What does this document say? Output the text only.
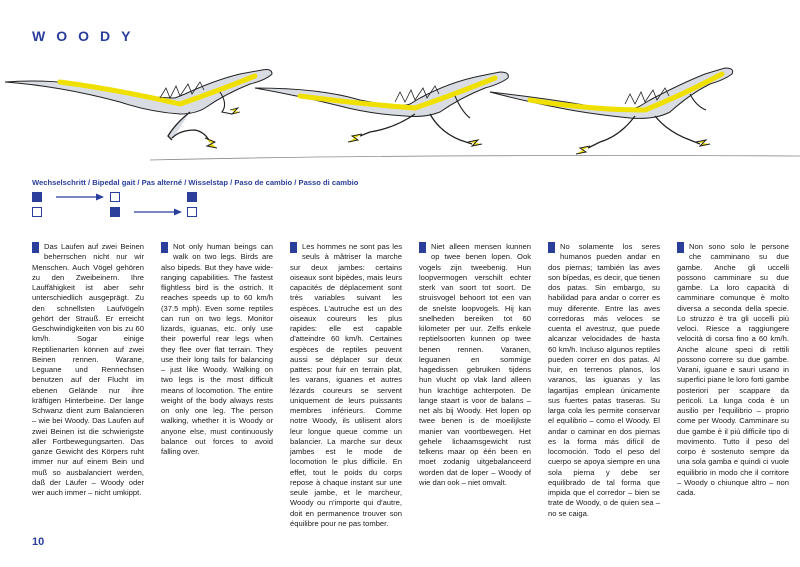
WOODY
Wechselschritt / Bipedal gait / Pas alterné / Wisselstap / Paso de cambio / Passo di cambio
Das Laufen auf zwei Beinen beherrschen nicht nur wir Menschen. Auch Vögel gehören zu den Zweibeinern. Ihre Lauffähigkeit ist aber sehr unterschiedlich ausgeprägt. Zu den schnellsten Laufvögeln gehört der Strauß. Er erreicht Geschwindigkeiten von bis zu 60 km/h. Sogar einige Reptilienarten können auf zwei Beinen rennen. Warane, Leguane und Rennechsen benutzen auf der Flucht im ebenen Gelände nur ihre kräftigen Hinterbeine. Der lange Schwanz dient zum Balancieren – wie bei Woody. Das Laufen auf zwei Beinen ist die schwierigste aller Fortbewegungsarten. Das ganze Gewicht des Körpers ruht immer nur auf einem Bein und muß so ausbalanciert werden, daß der Läufer – Woody oder wer auch immer – nicht umkippt.
Not only human beings can walk on two legs. Birds are also bipeds. But they have wide-ranging capabilities. The fastest flightless bird is the ostrich. It reaches speeds up to 60 km/h (37.5 mph). Even some reptiles can run on two legs. Monitor lizards, iguanas, etc. only use their powerful rear legs when they flee over flat terrain. They use their long tails for balancing – just like Woody. Walking on two legs is the most difficult means of locomotion. The entire weight of the body always rests on only one leg. The person walking, whether it is Woody or anyone else, must continuously balance out forces to avoid falling over.
Les hommes ne sont pas les seuls à mâtriser la marche sur deux jambes: certains oiseaux sont bipèdes, mais leurs capacités de déplacement sont très variables suivant les espèces. L'autruche est un des oiseaux coureurs les plus rapides: elle est capable d'atteindre 60 km/h. Certaines espèces de reptiles peuvent aussi se déplacer sur deux pattes: pour fuir en terrain plat, les varans, iguanes et autres lézards coureurs se servent uniquement de leurs puissants membres inférieurs. Comme notre Woody, ils utilisent alors leur longue queue comme un balancier. La marche sur deux jambes est le mode de locomotion le plus difficile. En effet, tout le poids du corps repose à chaque instant sur une seule jambe, et le marcheur, Woody ou n'importe qui d'autre, doit en permanence trouver son équilibre pour ne pas tomber.
Niet alleen mensen kunnen op twee benen lopen. Ook vogels zijn tweebenig. Hun loopvermogen verschilt echter sterk van soort tot soort. De struisvogel behoort tot een van de snelste loopvogels. Hij kan snelheden bereiken tot 60 kilometer per uur. Zelfs enkele reptielsoorten kunnen op twee benen rennen. Varanen, leguanen en sommige hagedissen gebruiken tijdens hun vlucht op vlak land alleen hun krachtige achterpoten. De lange staart is voor de balans – net als bij Woody. Het lopen op twee benen is de moeilijkste manier van voortbewegen. Het gehele lichaamsgewicht rust telkens maar op één been en moet zodanig uitgebalanceerd worden dat de loper – Woody of wie dan ook – niet omvalt.
No solamente los seres humanos pueden andar en dos piernas; también las aves son bípedas, es decir, que tienen dos patas. Sin embargo, su habilidad para andar o correr es muy diferente. Entre las aves corredoras más veloces se cuenta el avestruz, que puede alcanzar velocidades de hasta 60 km/h. Incluso algunos reptiles pueden correr en dos patas. Al huir, en terrenos planos, los varanos, las iguanas y las lagartijas emplean únicamente sus fuertes patas traseras. Su larga cola les permite conservar el equilibrio – como el Woody. El andar o caminar en dos piernas es la forma más difícil de locomoción. Todo el peso del cuerpo se apoya siempre en una sola pierna y debe ser equilibrado de tal forma que impida que el corredor – bien se trate de Woody, o de quien sea – no se caiga.
Non sono solo le persone che camminano su due gambe. Anche gli uccelli possono camminare su due gambe. La loro capacità di camminare comunque è molto diversa a seconda della specie. Lo struzzo è tra gli uccelli più veloci. Riesce a raggiungere velocità di corsa fino a 60 km/h. Anche alcune speci di rettili possono correre su due gambe. Varani, iguane e sauri usano in superfici piane le loro forti gambe posteriori per scappare da pericoli. La lunga coda è un ausilio per l'equilibrio – proprio come per Woody. Camminare su due gambe è il più difficile tipo di movimento. Tutto il peso del corpo è sostenuto sempre da una sola gamba e quindi ci vuole equilibrio in modo che il corritore – Woody o chiunque altro – non cada.
10
